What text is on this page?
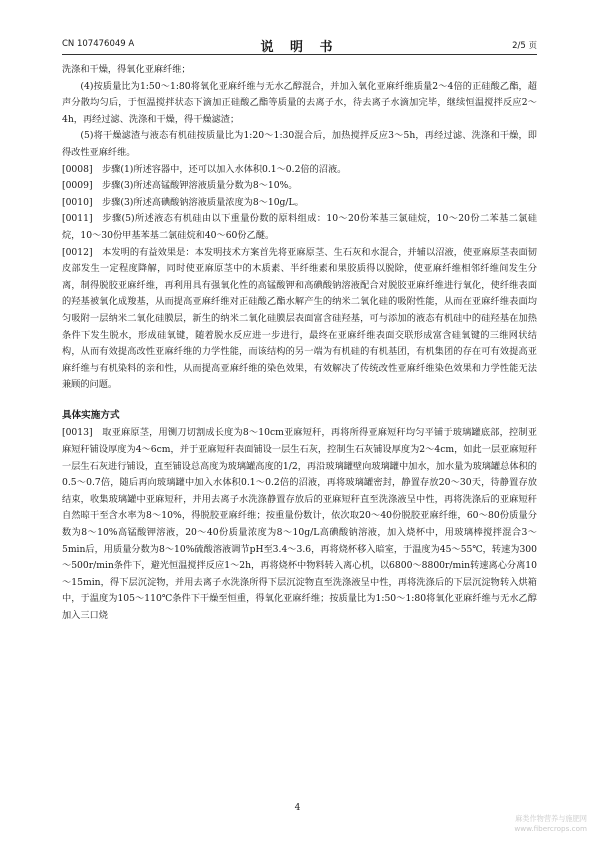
CN 107476049 A	说 明 书	2/5 页

洗涤和干燥，得氧化亚麻纤维；

(4)按质量比为1:50～1:80将氧化亚麻纤维与无水乙醇混合，并加入氧化亚麻纤维质量2～4倍的正硅酸乙酯，超声分散均匀后，于恒温搅拌状态下滴加正硅酸乙酯等质量的去离子水，待去离子水滴加完毕，继续恒温搅拌反应2～4h，再经过滤、洗涤和干燥，得干燥滤渣；

(5)将干燥滤渣与液态有机硅按质量比为1:20～1:30混合后，加热搅拌反应3～5h，再经过滤、洗涤和干燥，即得改性亚麻纤维。

[0008] 步骤(1)所述容器中，还可以加入水体积0.1～0.2倍的沼液。

[0009] 步骤(3)所述高锰酸钾溶液质量分数为8～10%。

[0010] 步骤(3)所述高碘酸钠溶液质量浓度为8～10g/L。

[0011] 步骤(5)所述液态有机硅由以下重量份数的原料组成：10～20份苯基三氯硅烷，10～20份二苯基二氯硅烷，10～30份甲基苯基二氯硅烷和40～60份乙醚。

[0012] 本发明的有益效果是：本发明技术方案首先将亚麻原茎、生石灰和水混合，并辅以沼液，使亚麻原茎表面韧皮部发生一定程度降解，同时使亚麻原茎中的木质素、半纤维素和果胶质得以脱除，使亚麻纤维相邻纤维间发生分离，制得脱胶亚麻纤维，再利用具有强氧化性的高锰酸钾和高碘酸钠溶液配合对脱胶亚麻纤维进行氧化，使纤维表面的羟基被氧化成羧基，从而提高亚麻纤维对正硅酸乙酯水解产生的纳米二氧化硅的吸附性能，从而在亚麻纤维表面均匀吸附一层纳米二氧化硅膜层，新生的纳米二氧化硅膜层表面富含硅羟基，可与添加的液态有机硅中的硅羟基在加热条件下发生脱水，形成硅氧键，随着脱水反应进一步进行，最终在亚麻纤维表面交联形成富含硅氧键的三维网状结构，从而有效提高改性亚麻纤维的力学性能，而该结构的另一端为有机硅的有机基团，有机集团的存在可有效提高亚麻纤维与有机染料的亲和性，从而提高亚麻纤维的染色效果，有效解决了传统改性亚麻纤维染色效果和力学性能无法兼顾的问题。

具体实施方式

[0013] 取亚麻原茎，用铡刀切割成长度为8～10cm亚麻短秆，再将所得亚麻短秆均匀平铺于玻璃罐底部，控制亚麻短秆铺设厚度为4～6cm，并于亚麻短秆表面铺设一层生石灰，控制生石灰铺设厚度为2～4cm，如此一层亚麻短秆一层生石灰进行铺设，直至铺设总高度为玻璃罐高度的1/2，再沿玻璃罐壁向玻璃罐中加水，加水量为玻璃罐总体积的0.5～0.7倍，随后再向玻璃罐中加入水体积0.1～0.2倍的沼液，再将玻璃罐密封，静置存放20～30天，待静置存放结束，收集玻璃罐中亚麻短秆，并用去离子水洗涤静置存放后的亚麻短秆直至洗涤液呈中性，再将洗涤后的亚麻短秆自然晾干至含水率为8～10%，得脱胶亚麻纤维；按重量份数计，依次取20～40份脱胶亚麻纤维，60～80份质量分数为8～10%高锰酸钾溶液，20～40份质量浓度为8～10g/L高碘酸钠溶液，加入烧杯中，用玻璃棒搅拌混合3～5min后，用质量分数为8～10%硫酸溶液调节pH至3.4～3.6，再将烧杯移入暗室，于温度为45～55℃，转速为300～500r/min条件下，避光恒温搅拌反应1～2h，再将烧杯中物料转入离心机，以6800～8800r/min转速离心分离10～15min，得下层沉淀物，并用去离子水洗涤所得下层沉淀物直至洗涤液呈中性，再将洗涤后的下层沉淀物转入烘箱中，于温度为105～110℃条件下干燥至恒重，得氧化亚麻纤维；按质量比为1:50～1:80将氧化亚麻纤维与无水乙醇加入三口烧

4
麻类作物营养与施肥网
www.fibercrops.com
